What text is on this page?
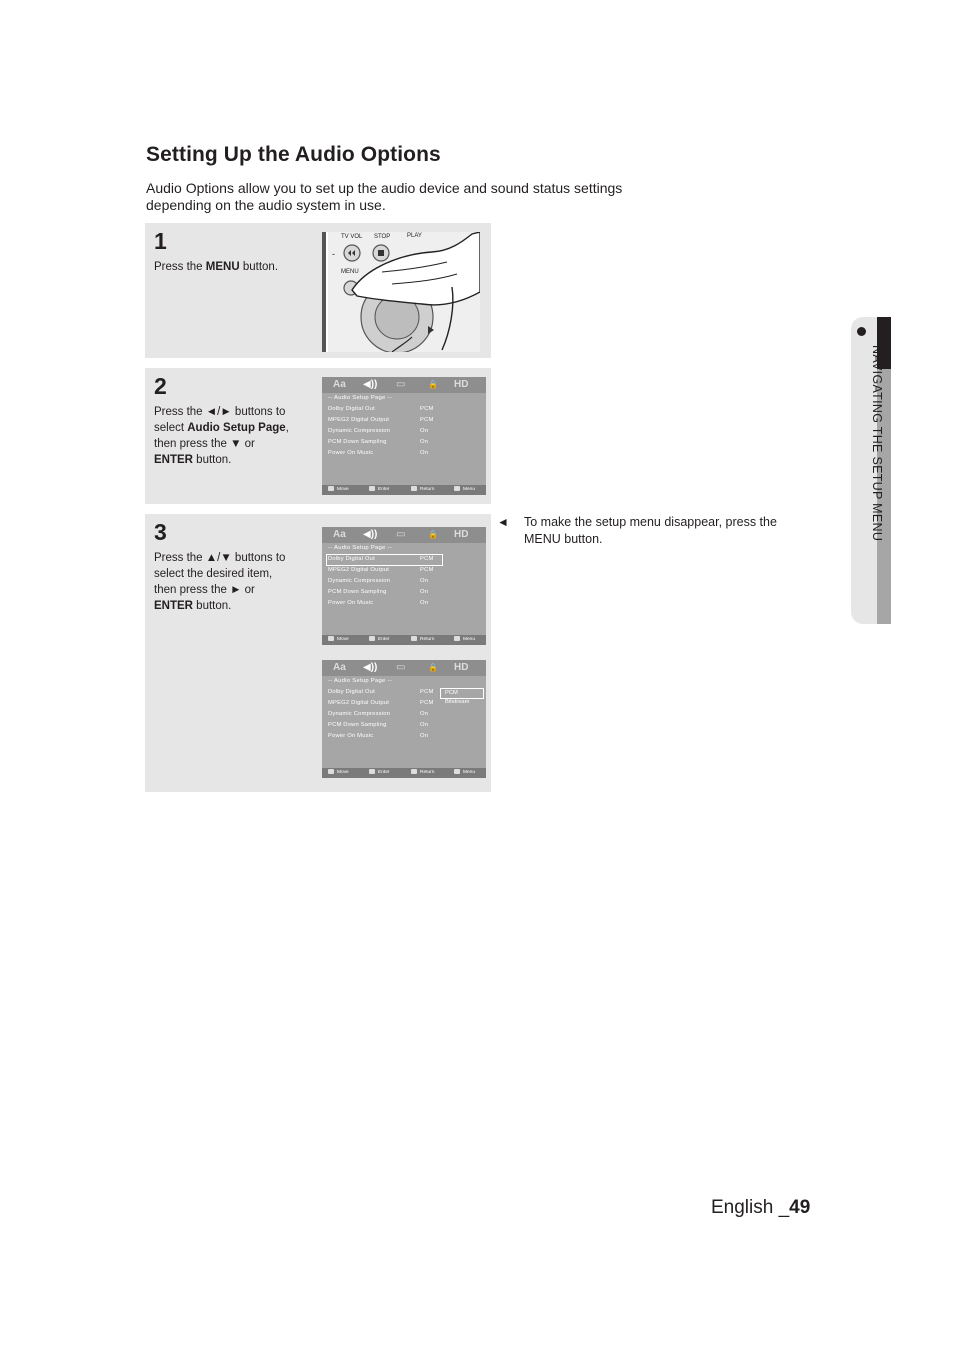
Setting Up the Audio Options

Audio Options allow you to set up the audio device and sound status settings depending on the audio system in use.

1
Press the MENU button.
TV VOL STOP	PLAY
MENU
-
2
Press the ◄/► buttons to select Audio Setup Page, then press the ▼ or ENTER button.
Aa ◀)) ▭	🔒 HD
-- Audio Setup Page --
Dolby Digital Out	PCM
MPEG2 Digital Output	PCM
Dynamic Compression	On
PCM Down Sampling	On
Power On Music	On
Move	Enter	Return	Menu
3
Press the ▲/▼ buttons to select the desired item, then press the ► or ENTER button.
Aa ◀)) ▭	🔒 HD
-- Audio Setup Page --
Dolby Digital Out	PCM
MPEG2 Digital Output	PCM
Dynamic Compression	On
PCM Down Sampling	On
Power On Music	On
Move	Enter	Return	Menu
Aa ◀)) ▭	🔒 HD
-- Audio Setup Page --
Dolby Digital Out	PCM
MPEG2 Digital Output	PCM
Dynamic Compression	On
PCM Down Sampling	On
Power On Music	On
PCM
Bitstream
Move	Enter	Return	Menu
◄ To make the setup menu disappear, press the MENU button.	NAVIGATING THE SETUP MENU
English _49
